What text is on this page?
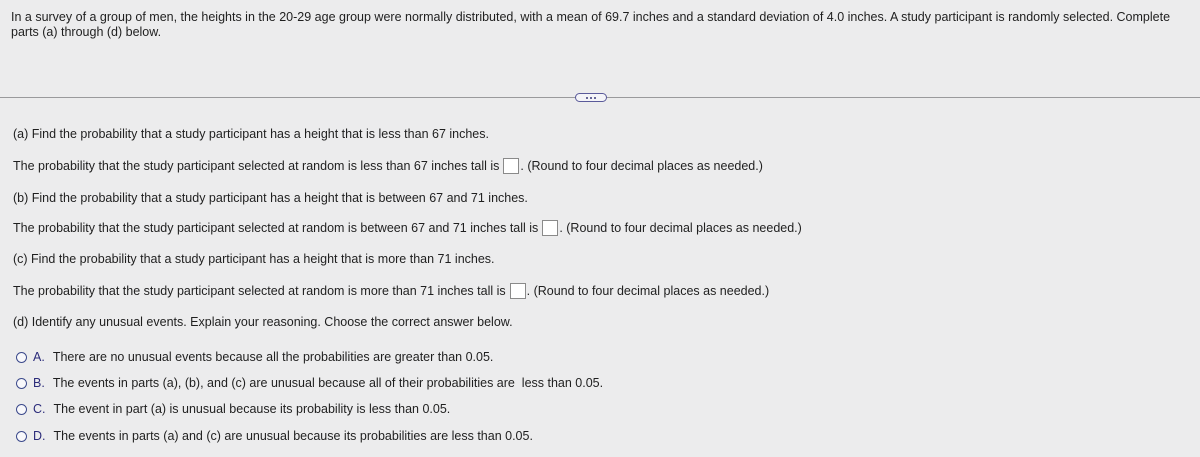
In a survey of a group of men, the heights in the 20-29 age group were normally distributed, with a mean of 69.7 inches and a standard deviation of 4.0 inches. A study participant is randomly selected. Complete parts (a) through (d) below.
(a) Find the probability that a study participant has a height that is less than 67 inches.
The probability that the study participant selected at random is less than 67 inches tall is . (Round to four decimal places as needed.)
(b) Find the probability that a study participant has a height that is between 67 and 71 inches.
The probability that the study participant selected at random is between 67 and 71 inches tall is . (Round to four decimal places as needed.)
(c) Find the probability that a study participant has a height that is more than 71 inches.
The probability that the study participant selected at random is more than 71 inches tall is . (Round to four decimal places as needed.)
(d) Identify any unusual events. Explain your reasoning. Choose the correct answer below.
A. There are no unusual events because all the probabilities are greater than 0.05.
B. The events in parts (a), (b), and (c) are unusual because all of their probabilities are  less than 0.05.
C. The event in part (a) is unusual because its probability is less than 0.05.
D. The events in parts (a) and (c) are unusual because its probabilities are less than 0.05.
